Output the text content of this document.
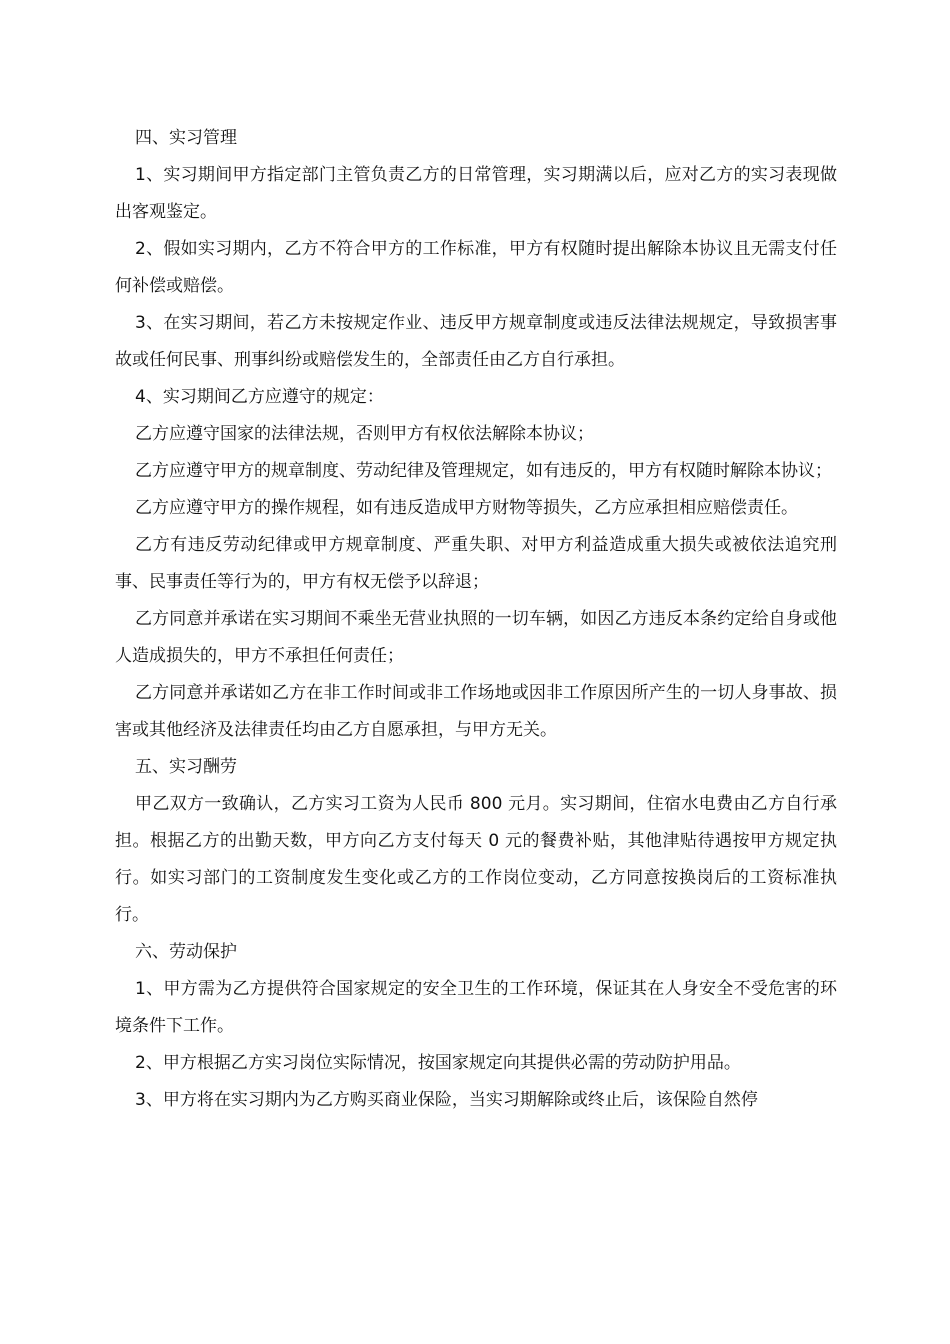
四、实习管理

1、实习期间甲方指定部门主管负责乙方的日常管理，实习期满以后，应对乙方的实习表现做出客观鉴定。

2、假如实习期内，乙方不符合甲方的工作标准，甲方有权随时提出解除本协议且无需支付任何补偿或赔偿。

3、在实习期间，若乙方未按规定作业、违反甲方规章制度或违反法律法规规定，导致损害事故或任何民事、刑事纠纷或赔偿发生的，全部责任由乙方自行承担。

4、实习期间乙方应遵守的规定：

乙方应遵守国家的法律法规，否则甲方有权依法解除本协议；

乙方应遵守甲方的规章制度、劳动纪律及管理规定，如有违反的，甲方有权随时解除本协议；

乙方应遵守甲方的操作规程，如有违反造成甲方财物等损失，乙方应承担相应赔偿责任。

乙方有违反劳动纪律或甲方规章制度、严重失职、对甲方利益造成重大损失或被依法追究刑事、民事责任等行为的，甲方有权无偿予以辞退；

乙方同意并承诺在实习期间不乘坐无营业执照的一切车辆，如因乙方违反本条约定给自身或他人造成损失的，甲方不承担任何责任；

乙方同意并承诺如乙方在非工作时间或非工作场地或因非工作原因所产生的一切人身事故、损害或其他经济及法律责任均由乙方自愿承担，与甲方无关。

五、实习酬劳

甲乙双方一致确认，乙方实习工资为人民币 800 元月。实习期间，住宿水电费由乙方自行承担。根据乙方的出勤天数，甲方向乙方支付每天 0 元的餐费补贴，其他津贴待遇按甲方规定执行。如实习部门的工资制度发生变化或乙方的工作岗位变动，乙方同意按换岗后的工资标准执行。

六、劳动保护

1、甲方需为乙方提供符合国家规定的安全卫生的工作环境，保证其在人身安全不受危害的环境条件下工作。

2、甲方根据乙方实习岗位实际情况，按国家规定向其提供必需的劳动防护用品。

3、甲方将在实习期内为乙方购买商业保险，当实习期解除或终止后，该保险自然停
